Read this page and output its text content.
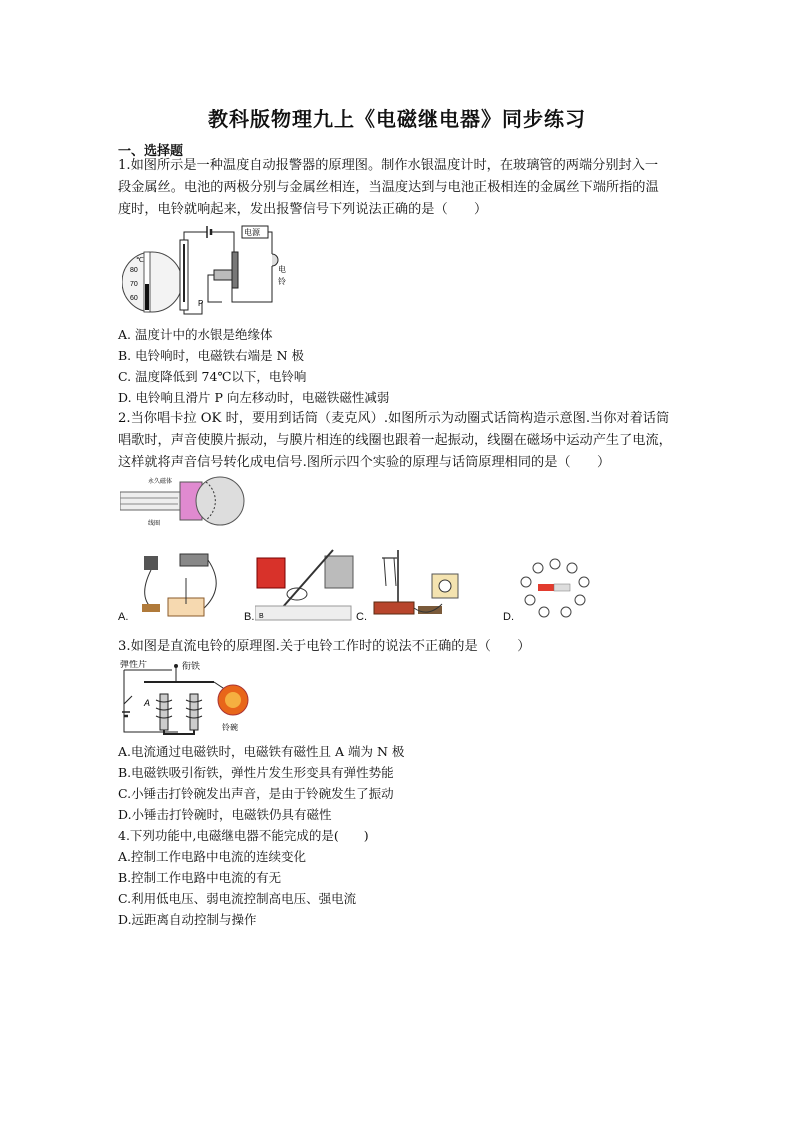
教科版物理九上《电磁继电器》同步练习
一、选择题
1.如图所示是一种温度自动报警器的原理图。制作水银温度计时，在玻璃管的两端分别封入一
段金属丝。电池的两极分别与金属丝相连，当温度达到与电池正极相连的金属丝下端所指的温
度时，电铃就响起来，发出报警信号下列说法正确的是（　　）
℃
80
70
60
P
电源
电
铃
A. 温度计中的水银是绝缘体
B. 电铃响时，电磁铁右端是 N 极
C. 温度降低到 74℃以下，电铃响
D. 电铃响且滑片 P 向左移动时，电磁铁磁性减弱
2.当你唱卡拉 OK 时，要用到话筒（麦克风）.如图所示为动圈式话筒构造示意图.当你对着话筒
唱歌时，声音使膜片振动，与膜片相连的线圈也跟着一起振动，线圈在磁场中运动产生了电流，
这样就将声音信号转化成电信号.图所示四个实验的原理与话筒原理相同的是（　　）
永久磁体
线圈
A.	B
B.	C.	D.
3.如图是直流电铃的原理图.关于电铃工作时的说法不正确的是（　　）
弹性片	衔铁
A
铃碗
A.电流通过电磁铁时，电磁铁有磁性且 A 端为 N 极
B.电磁铁吸引衔铁，弹性片发生形变具有弹性势能
C.小锤击打铃碗发出声音，是由于铃碗发生了振动
D.小锤击打铃碗时，电磁铁仍具有磁性
4.下列功能中,电磁继电器不能完成的是(　　)
A.控制工作电路中电流的连续变化
B.控制工作电路中电流的有无
C.利用低电压、弱电流控制高电压、强电流
D.远距离自动控制与操作
